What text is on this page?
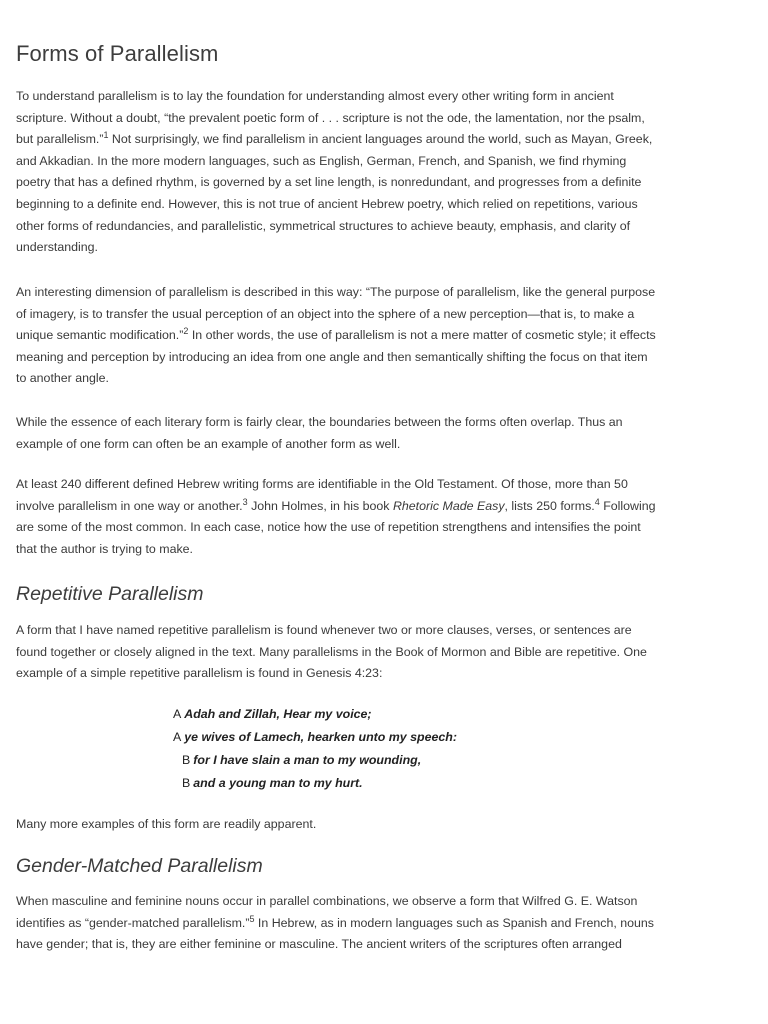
Forms of Parallelism

To understand parallelism is to lay the foundation for understanding almost every other writing form in ancient scripture. Without a doubt, “the prevalent poetic form of . . . scripture is not the ode, the lamentation, nor the psalm, but parallelism.”$^1$ Not surprisingly, we find parallelism in ancient languages around the world, such as Mayan, Greek, and Akkadian. In the more modern languages, such as English, German, French, and Spanish, we find rhyming poetry that has a defined rhythm, is governed by a set line length, is nonredundant, and progresses from a definite beginning to a definite end. However, this is not true of ancient Hebrew poetry, which relied on repetitions, various other forms of redundancies, and parallelistic, symmetrical structures to achieve beauty, emphasis, and clarity of understanding.

An interesting dimension of parallelism is described in this way: “The purpose of parallelism, like the general purpose of imagery, is to transfer the usual perception of an object into the sphere of a new perception—that is, to make a unique semantic modification.”$^2$ In other words, the use of parallelism is not a mere matter of cosmetic style; it effects meaning and perception by introducing an idea from one angle and then semantically shifting the focus on that item to another angle.

While the essence of each literary form is fairly clear, the boundaries between the forms often overlap. Thus an example of one form can often be an example of another form as well.

At least 240 different defined Hebrew writing forms are identifiable in the Old Testament. Of those, more than 50 involve parallelism in one way or another.$^3$ John Holmes, in his book Rhetoric Made Easy, lists 250 forms.$^4$ Following are some of the most common. In each case, notice how the use of repetition strengthens and intensifies the point that the author is trying to make.

Repetitive Parallelism

A form that I have named repetitive parallelism is found whenever two or more clauses, verses, or sentences are found together or closely aligned in the text. Many parallelisms in the Book of Mormon and Bible are repetitive. One example of a simple repetitive parallelism is found in Genesis 4:23:

A Adah and Zillah, Hear my voice;
A ye wives of Lamech, hearken unto my speech:
B for I have slain a man to my wounding,
B and a young man to my hurt.

Many more examples of this form are readily apparent.

Gender-Matched Parallelism

When masculine and feminine nouns occur in parallel combinations, we observe a form that Wilfred G. E. Watson identifies as “gender-matched parallelism.”$^5$ In Hebrew, as in modern languages such as Spanish and French, nouns have gender; that is, they are either feminine or masculine. The ancient writers of the scriptures often arranged
